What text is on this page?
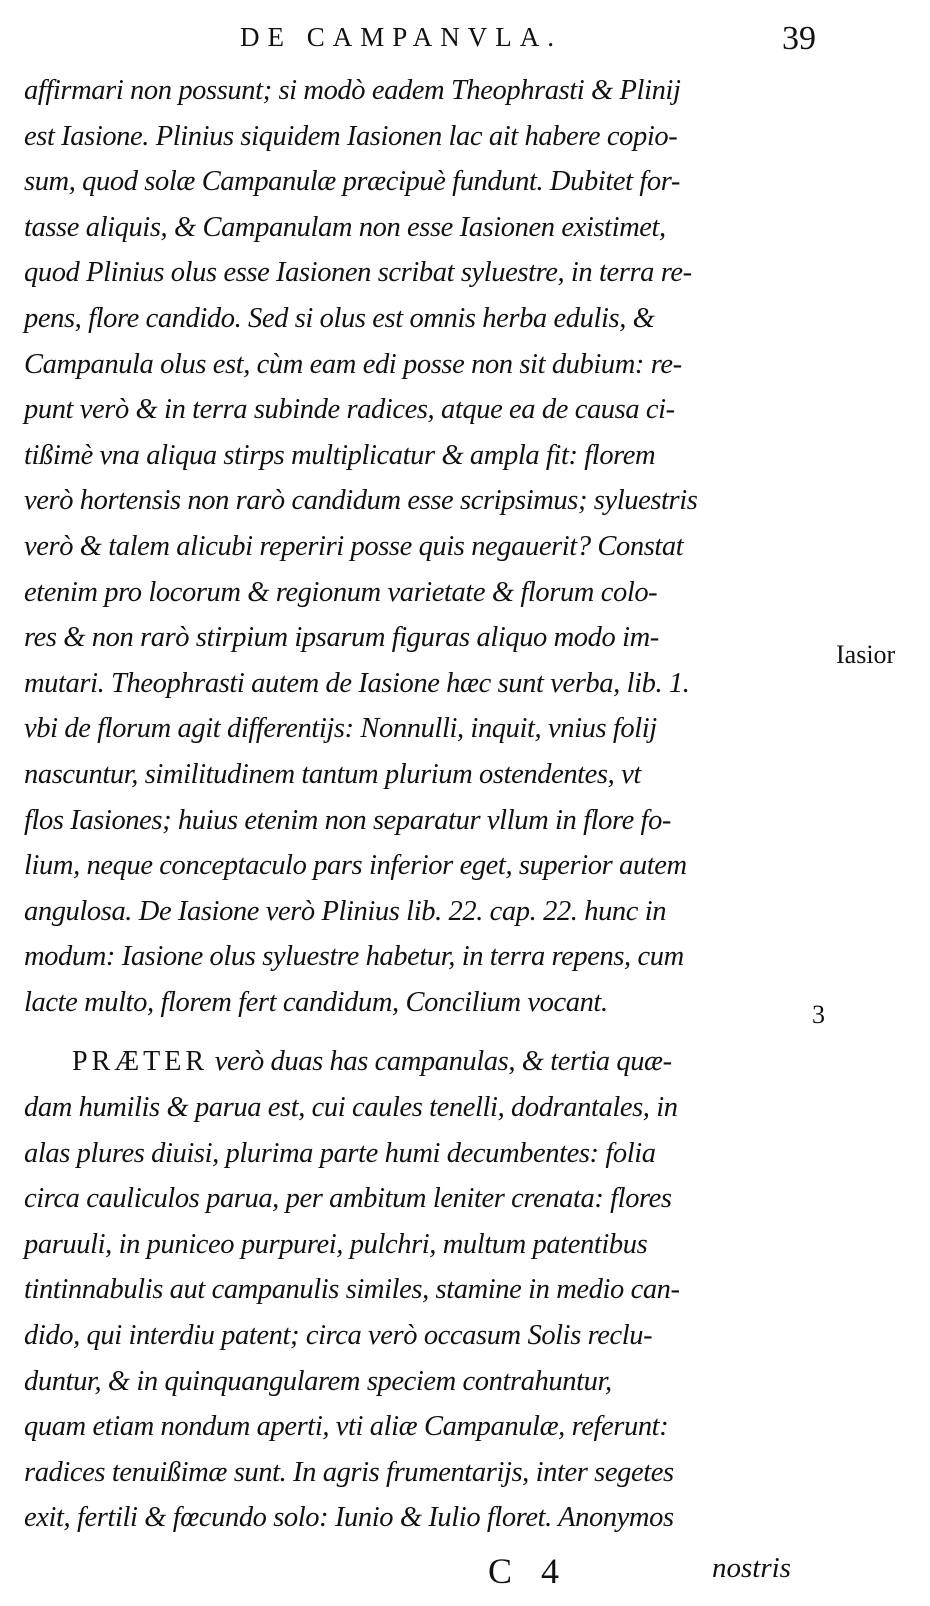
DE CAMPANVLA.	39
affirmari non possunt; si modò eadem Theophrasti & Plinij
est Iasione. Plinius siquidem Iasionen lac ait habere copio-
sum, quod solæ Campanulæ præcipuè fundunt. Dubitet for-
tasse aliquis, & Campanulam non esse Iasionen existimet,
quod Plinius olus esse Iasionen scribat syluestre, in terra re-
pens, flore candido. Sed si olus est omnis herba edulis, &
Campanula olus est, cùm eam edi posse non sit dubium: re-
punt verò & in terra subinde radices, atque ea de causa ci-
tißimè vna aliqua stirps multiplicatur & ampla fit: florem
verò hortensis non rarò candidum esse scripsimus; syluestris
verò & talem alicubi reperiri posse quis negauerit? Constat
etenim pro locorum & regionum varietate & florum colo-
res & non rarò stirpium ipsarum figuras aliquo modo im-
mutari. Theophrasti autem de Iasione hæc sunt verba, lib. 1.
vbi de florum agit differentijs: Nonnulli, inquit, vnius folij
nascuntur, similitudinem tantum plurium ostendentes, vt
flos Iasiones; huius etenim non separatur vllum in flore fo-
lium, neque conceptaculo pars inferior eget, superior autem
angulosa. De Iasione verò Plinius lib. 22. cap. 22. hunc in
modum: Iasione olus syluestre habetur, in terra repens, cum
lacte multo, florem fert candidum, Concilium vocant.
PRÆTER verò duas has campanulas, & tertia quæ-
dam humilis & parua est, cui caules tenelli, dodrantales, in
alas plures diuisi, plurima parte humi decumbentes: folia
circa cauliculos parua, per ambitum leniter crenata: flores
paruuli, in puniceo purpurei, pulchri, multum patentibus
tintinnabulis aut campanulis similes, stamine in medio can-
dido, qui interdiu patent; circa verò occasum Solis reclu-
duntur, & in quinquangularem speciem contrahuntur,
quam etiam nondum aperti, vti aliæ Campanulæ, referunt:
radices tenuißimæ sunt. In agris frumentarijs, inter segetes
exit, fertili & fœcundo solo: Iunio & Iulio floret. Anonymos
Iasior
3
C 4	nostris
